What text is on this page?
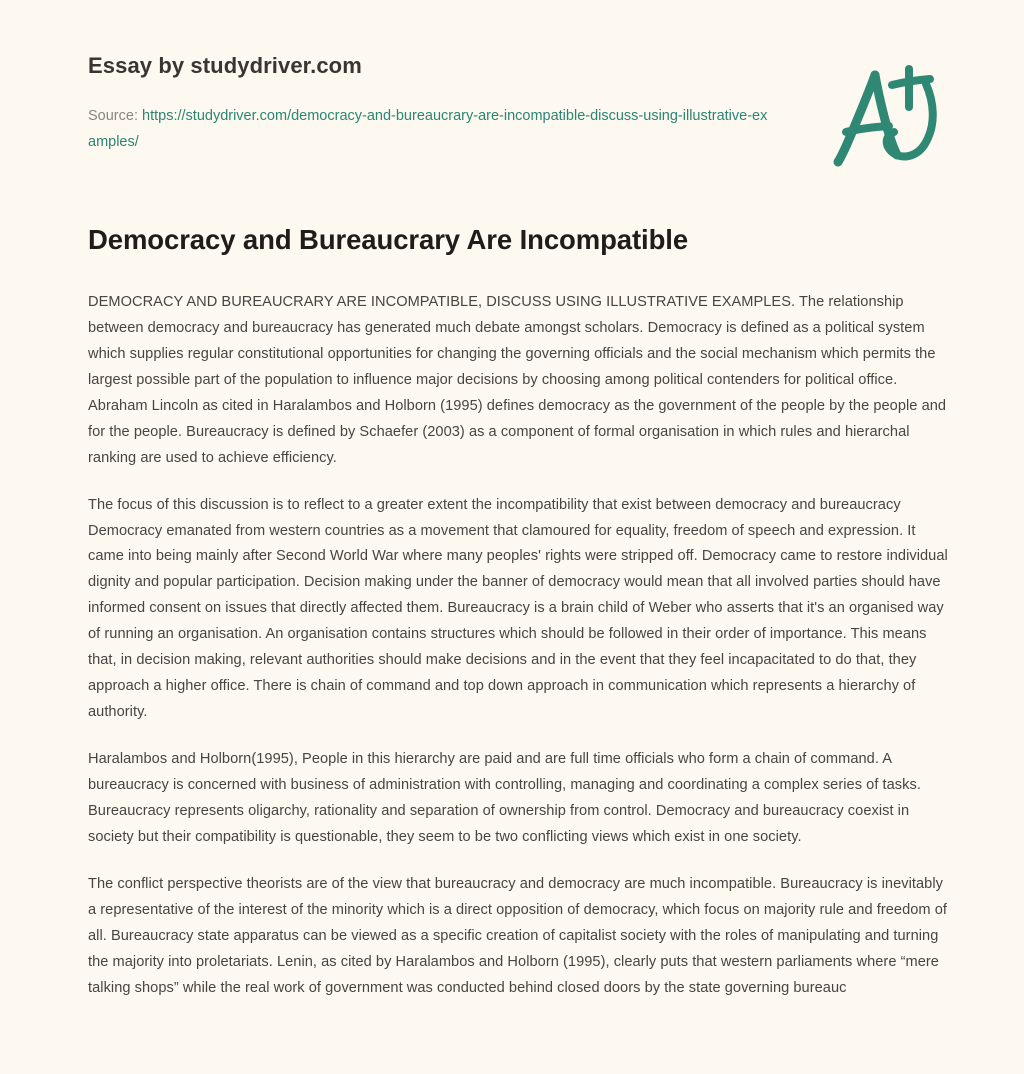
Essay by studydriver.com
Source: https://studydriver.com/democracy-and-bureaucrary-are-incompatible-discuss-using-illustrative-examples/
Democracy and Bureaucrary Are Incompatible

DEMOCRACY AND BUREAUCRARY ARE INCOMPATIBLE, DISCUSS USING ILLUSTRATIVE EXAMPLES. The relationship between democracy and bureaucracy has generated much debate amongst scholars. Democracy is defined as a political system which supplies regular constitutional opportunities for changing the governing officials and the social mechanism which permits the largest possible part of the population to influence major decisions by choosing among political contenders for political office. Abraham Lincoln as cited in Haralambos and Holborn (1995) defines democracy as the government of the people by the people and for the people. Bureaucracy is defined by Schaefer (2003) as a component of formal organisation in which rules and hierarchal ranking are used to achieve efficiency.

The focus of this discussion is to reflect to a greater extent the incompatibility that exist between democracy and bureaucracy Democracy emanated from western countries as a movement that clamoured for equality, freedom of speech and expression. It came into being mainly after Second World War where many peoples' rights were stripped off. Democracy came to restore individual dignity and popular participation. Decision making under the banner of democracy would mean that all involved parties should have informed consent on issues that directly affected them. Bureaucracy is a brain child of Weber who asserts that it's an organised way of running an organisation. An organisation contains structures which should be followed in their order of importance. This means that, in decision making, relevant authorities should make decisions and in the event that they feel incapacitated to do that, they approach a higher office. There is chain of command and top down approach in communication which represents a hierarchy of authority.

Haralambos and Holborn(1995), People in this hierarchy are paid and are full time officials who form a chain of command. A bureaucracy is concerned with business of administration with controlling, managing and coordinating a complex series of tasks. Bureaucracy represents oligarchy, rationality and separation of ownership from control. Democracy and bureaucracy coexist in society but their compatibility is questionable, they seem to be two conflicting views which exist in one society.

The conflict perspective theorists are of the view that bureaucracy and democracy are much incompatible. Bureaucracy is inevitably a representative of the interest of the minority which is a direct opposition of democracy, which focus on majority rule and freedom of all. Bureaucracy state apparatus can be viewed as a specific creation of capitalist society with the roles of manipulating and turning the majority into proletariats. Lenin, as cited by Haralambos and Holborn (1995), clearly puts that western parliaments where “mere talking shops” while the real work of government was conducted behind closed doors by the state governing bureauc
